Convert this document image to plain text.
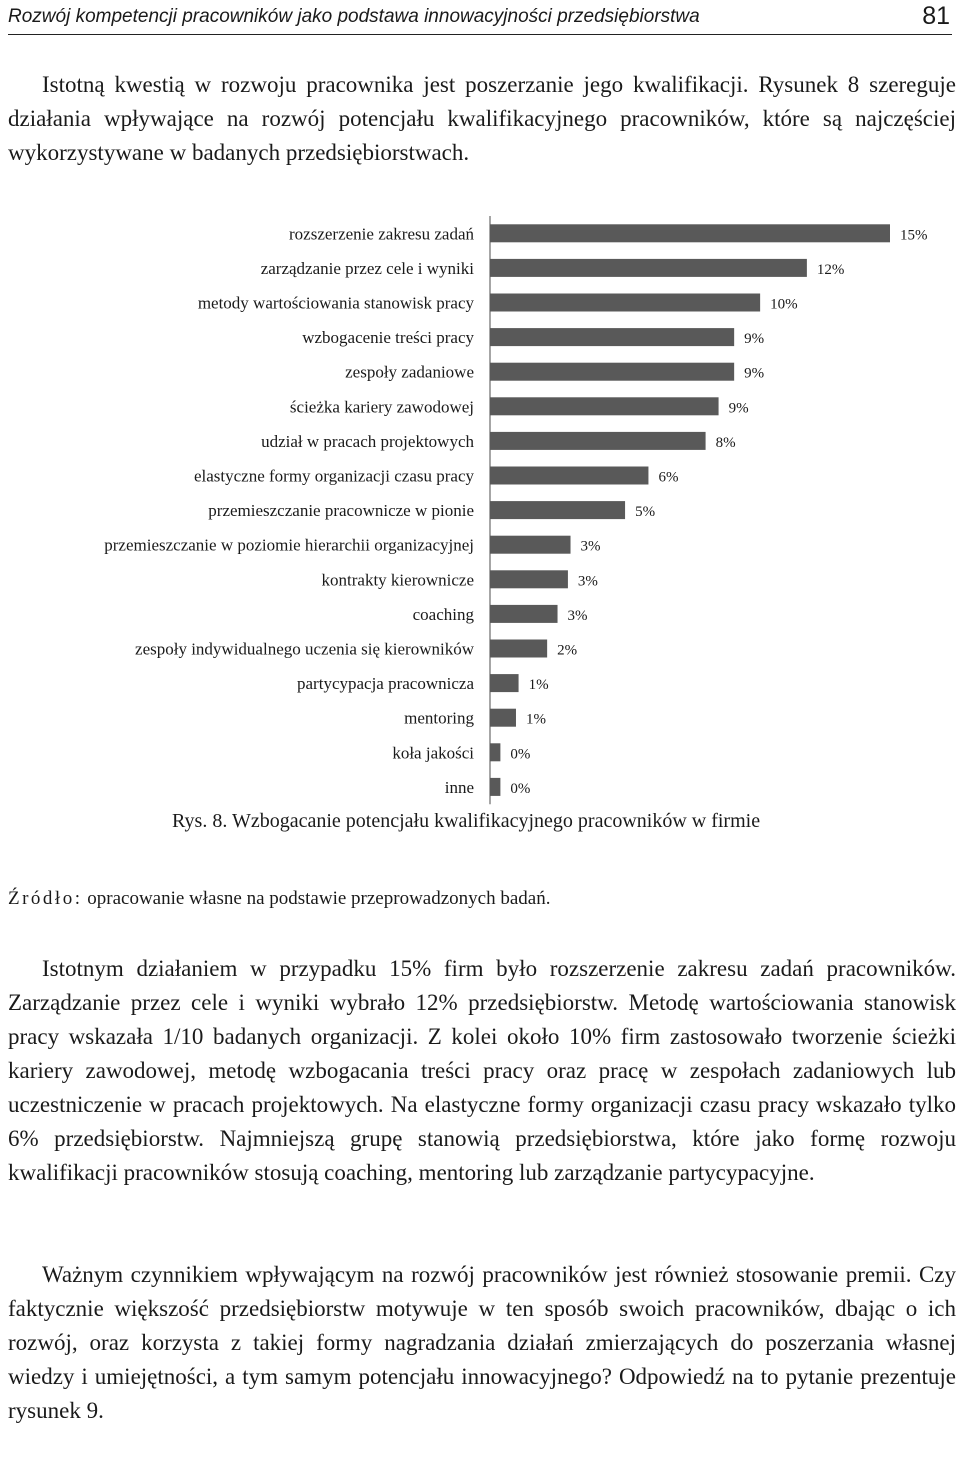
Rozwój kompetencji pracowników jako podstawa innowacyjności przedsiębiorstwa	81

Istotną kwestią w rozwoju pracownika jest poszerzanie jego kwalifikacji. Rysunek 8 szereguje działania wpływające na rozwój potencjału kwalifikacyjnego pracowników, które są najczęściej wykorzystywane w badanych przedsiębiorstwach.

rozszerzenie zakresu zadań	15%
zarządzanie przez cele i wyniki	12%
metody wartościowania stanowisk pracy	10%
wzbogacenie treści pracy	9%
zespoły zadaniowe	9%
ścieżka kariery zawodowej	9%
udział w pracach projektowych	8%
elastyczne formy organizacji czasu pracy	6%
przemieszczanie pracownicze w pionie	5%
przemieszczanie w poziomie hierarchii organizacyjnej	3%
kontrakty kierownicze	3%
coaching	3%
zespoły indywidualnego uczenia się kierowników	2%
partycypacja pracownicza	1%
mentoring	1%
koła jakości 0%
inne 0%
Rys. 8. Wzbogacanie potencjału kwalifikacyjnego pracowników w firmie
Źródło: opracowanie własne na podstawie przeprowadzonych badań.

Istotnym działaniem w przypadku 15% firm było rozszerzenie zakresu zadań pracowników. Zarządzanie przez cele i wyniki wybrało 12% przedsiębiorstw. Metodę wartościowania stanowisk pracy wskazała 1/10 badanych organizacji. Z kolei około 10% firm zastosowało tworzenie ścieżki kariery zawodowej, metodę wzbogacania treści pracy oraz pracę w zespołach zadaniowych lub uczestniczenie w pracach projektowych. Na elastyczne formy organizacji czasu pracy wskazało tylko 6% przedsiębiorstw. Najmniejszą grupę stanowią przedsiębiorstwa, które jako formę rozwoju kwalifikacji pracowników stosują coaching, mentoring lub zarządzanie partycypacyjne.

Ważnym czynnikiem wpływającym na rozwój pracowników jest również stosowanie premii. Czy faktycznie większość przedsiębiorstw motywuje w ten sposób swoich pracowników, dbając o ich rozwój, oraz korzysta z takiej formy nagradzania działań zmierzających do poszerzania własnej wiedzy i umiejętności, a tym samym potencjału innowacyjnego? Odpowiedź na to pytanie prezentuje rysunek 9.
